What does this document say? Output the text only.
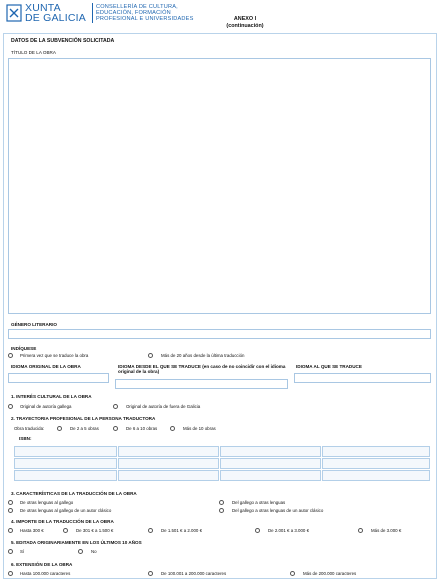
XUNTA
DE GALICIA
CONSELLERÍA DE CULTURA,
EDUCACIÓN, FORMACIÓN
PROFESIONAL E UNIVERSIDADES	ANEXO I
(continuación)
DATOS DE LA SUBVENCIÓN SOLICITADA
TÍTULO DE LA OBRA
GÉNERO LITERARIO
INDÍQUESE
Primera vez que se traduce la obra	Más de 20 años desde la última traducción
IDIOMA ORIGINAL DE LA OBRA	IDIOMA DESDE EL QUE SE TRADUCE (en caso de no coincidir con el idioma original de la obra)
IDIOMA AL QUE SE TRADUCE
1. INTERÉS CULTURAL DE LA OBRA
Original de autoría gallega	Original de autoría de fuera de Galicia
2. TRAYECTORIA PROFESIONAL DE LA PERSONA TRADUCTORA
Obra traducida:	De 2 a 5 obras	De 6 a 10 obras	Más de 10 obras
ISBN:
3. CARACTERÍSTICAS DE LA TRADUCCIÓN DE LA OBRA
De otras lenguas al gallego	Del gallego a otras lenguas
De otras lenguas al gallego de un autor clásico	Del gallego a otras lenguas de un autor clásico
4. IMPORTE DE LA TRADUCCIÓN DE LA OBRA
Hasta 300 €	De 301 € a 1.500 €	De 1.501 € a 2.000 €	De 2.001 € a 3.000 €	Más de 3.000 €
5. EDITADA ORIGINARIAMENTE EN LOS ÚLTIMOS 10 AÑOS
Sí	No
6. EXTENSIÓN DE LA OBRA
Hasta 100.000 caracteres	De 100.001 a 200.000 caracteres	Más de 200.000 caracteres
